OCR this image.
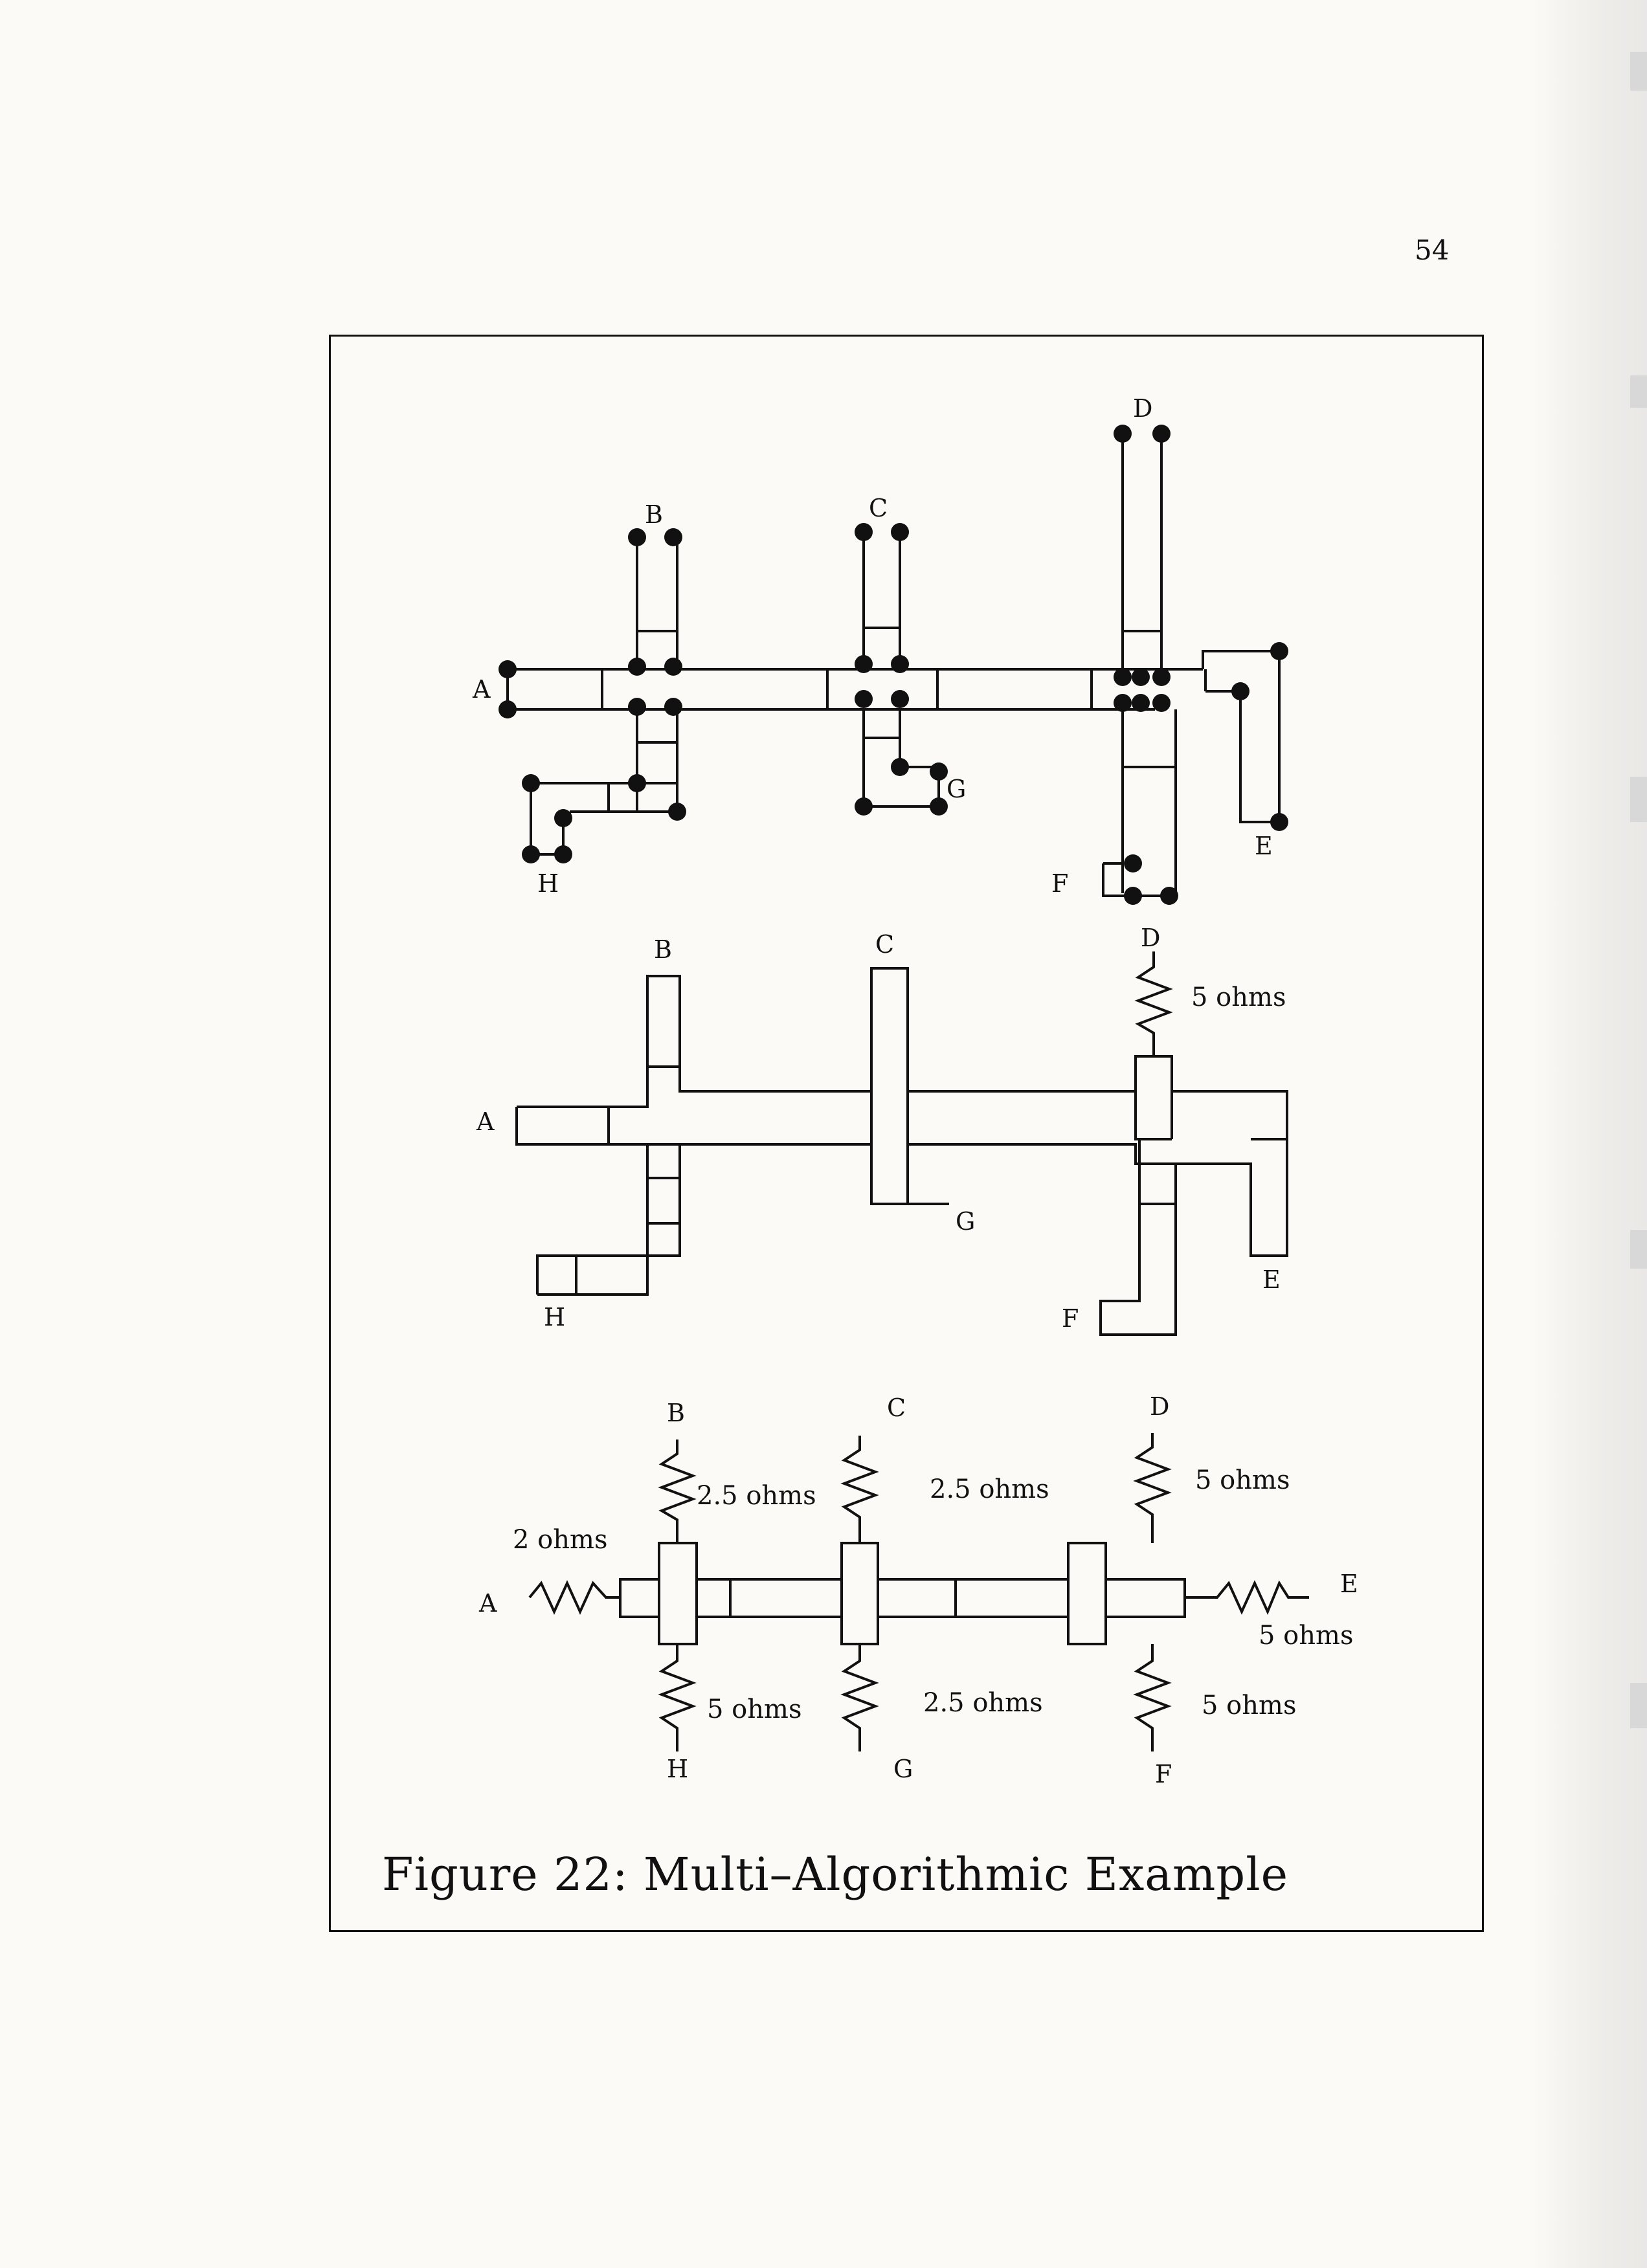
54
A
B	C
D
E
F
G
H
A
B	C	D
E
F
G
H
5 ohms
A
B	C	D
E
F
G
H
2 ohms
2.5 ohms	2.5 ohms	5 ohms
5 ohms
5 ohms
2.5 ohms
5 ohms
Figure 22: Multi–Algorithmic Example
